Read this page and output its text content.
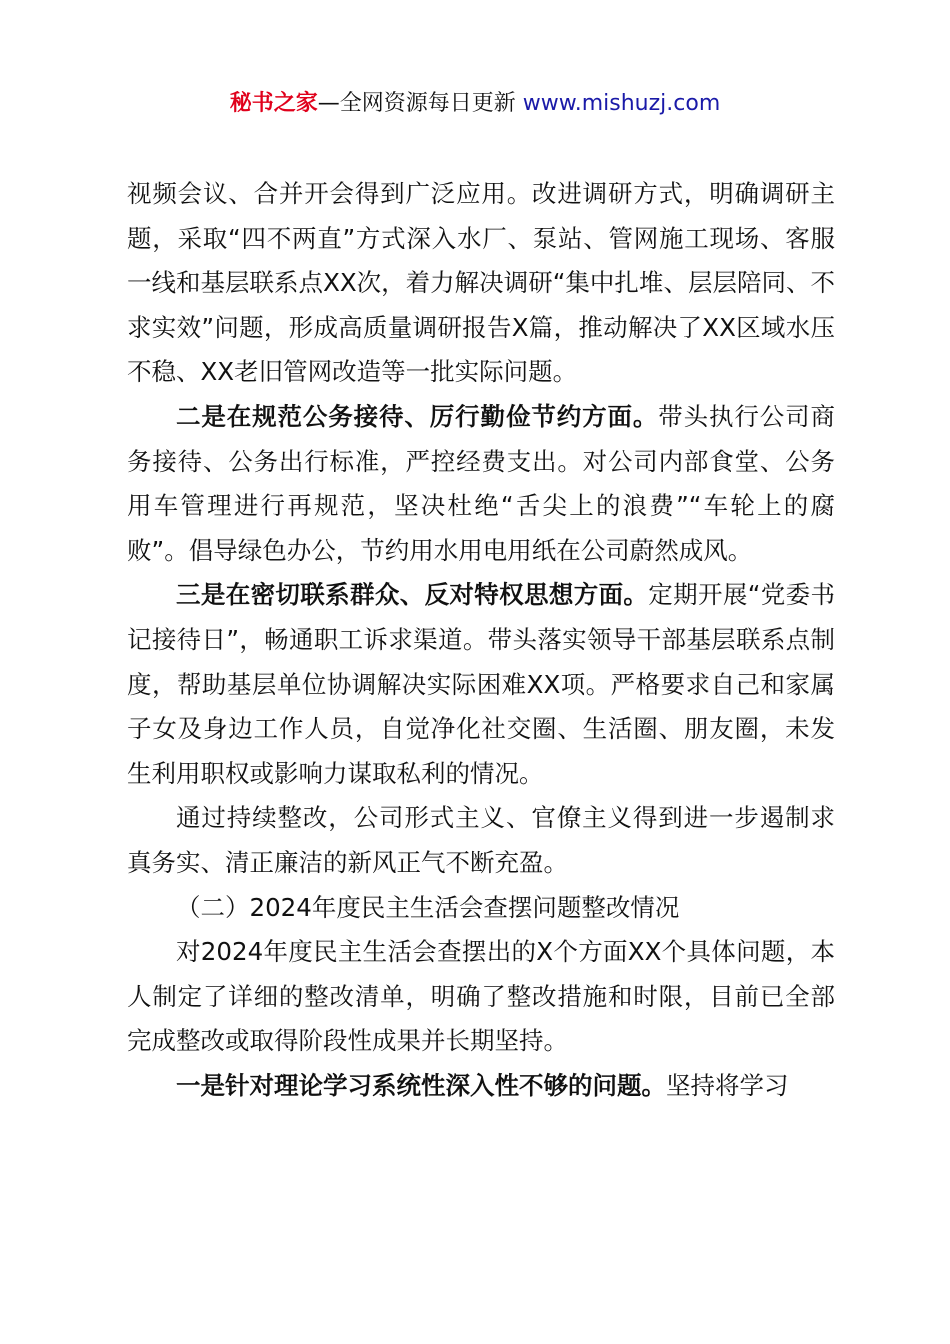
秘书之家—全网资源每日更新 www.mishuzj.com

视频会议、合并开会得到广泛应用。改进调研方式，明确调研主题，采取“四不两直”方式深入水厂、泵站、管网施工现场、客服一线和基层联系点XX次，着力解决调研“集中扎堆、层层陪同、不求实效”问题，形成高质量调研报告X篇，推动解决了XX区域水压不稳、XX老旧管网改造等一批实际问题。

二是在规范公务接待、厉行勤俭节约方面。带头执行公司商务接待、公务出行标准，严控经费支出。对公司内部食堂、公务用车管理进行再规范，坚决杜绝“舌尖上的浪费”“车轮上的腐败”。倡导绿色办公，节约用水用电用纸在公司蔚然成风。

三是在密切联系群众、反对特权思想方面。定期开展“党委书记接待日”，畅通职工诉求渠道。带头落实领导干部基层联系点制度，帮助基层单位协调解决实际困难XX项。严格要求自己和家属子女及身边工作人员，自觉净化社交圈、生活圈、朋友圈，未发生利用职权或影响力谋取私利的情况。

通过持续整改，公司形式主义、官僚主义得到进一步遏制求真务实、清正廉洁的新风正气不断充盈。

（二）2024年度民主生活会查摆问题整改情况

对2024年度民主生活会查摆出的X个方面XX个具体问题，本人制定了详细的整改清单，明确了整改措施和时限，目前已全部完成整改或取得阶段性成果并长期坚持。

一是针对理论学习系统性深入性不够的问题。坚持将学习
